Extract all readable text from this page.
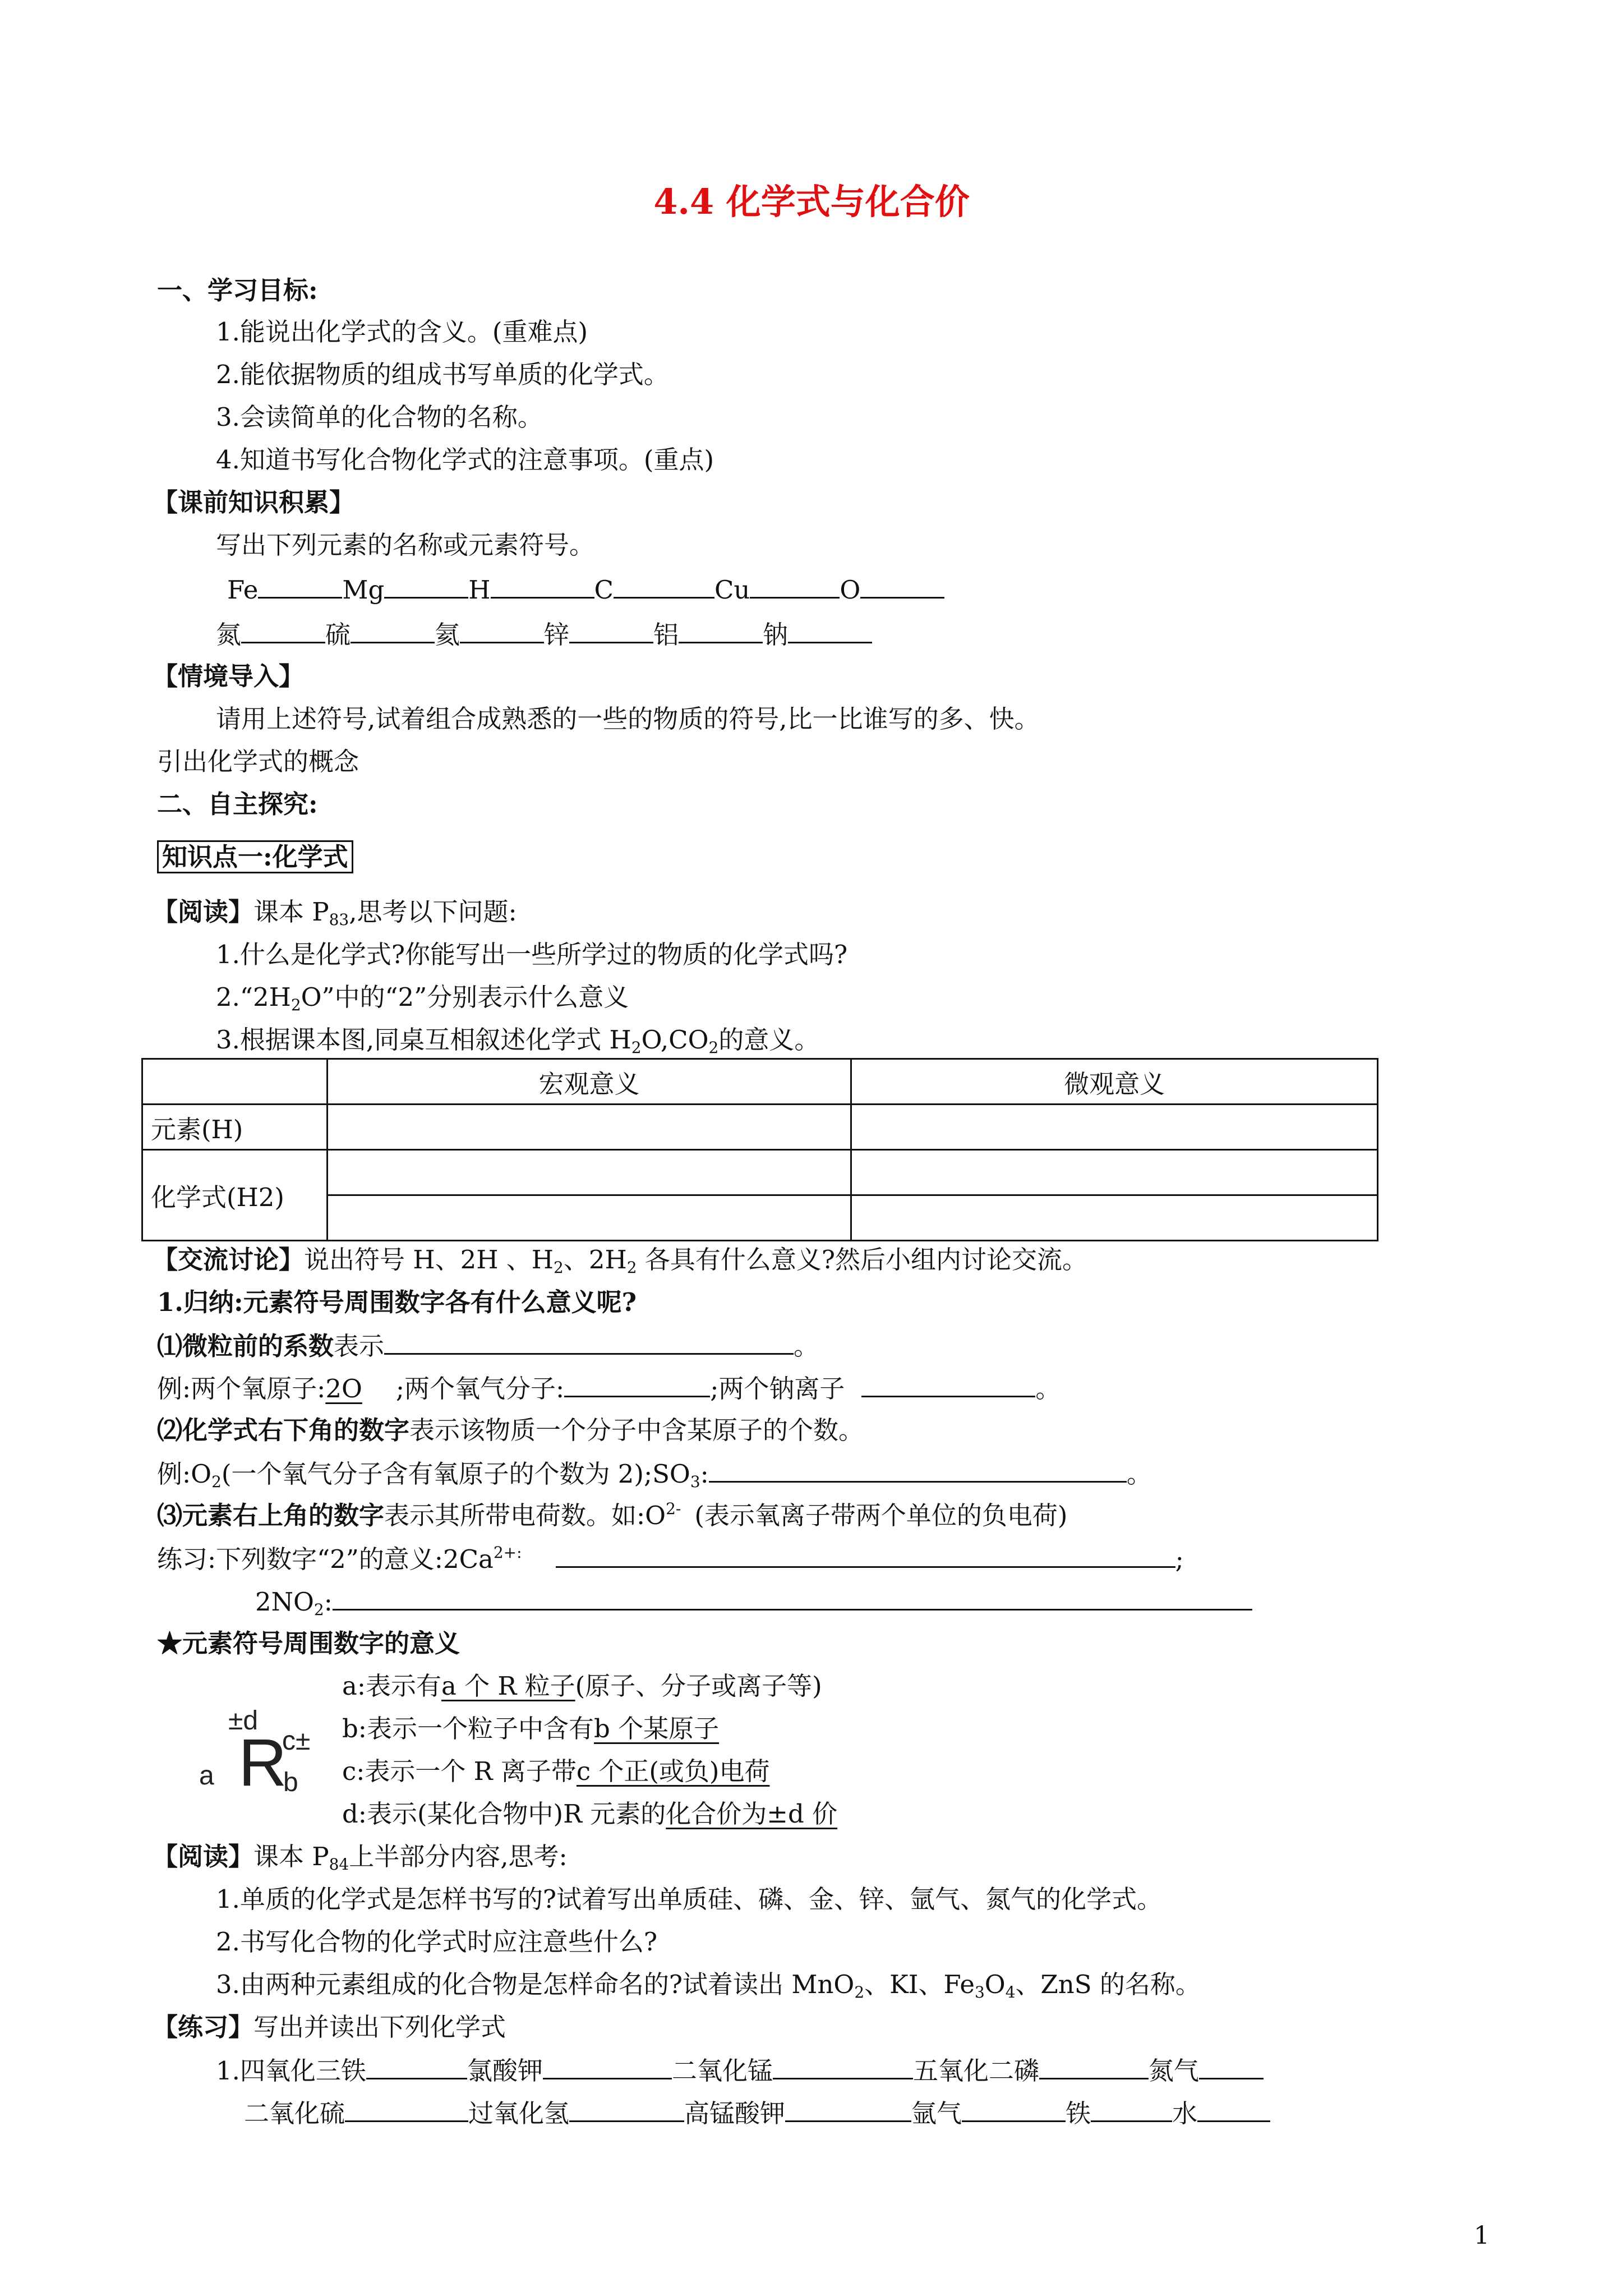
4.4 化学式与化合价
一、学习目标:
1.能说出化学式的含义。(重难点)
2.能依据物质的组成书写单质的化学式。
3.会读简单的化合物的名称。
4.知道书写化合物化学式的注意事项。(重点)
【课前知识积累】
写出下列元素的名称或元素符号。
Fe	Mg	H	C	Cu	O
氮	硫	氦	锌	铝	钠
【情境导入】
请用上述符号,试着组合成熟悉的一些的物质的符号,比一比谁写的多、快。
引出化学式的概念
二、自主探究:
知识点一:化学式
【阅读】课本 $P_{83}$,思考以下问题:
1.什么是化学式?你能写出一些所学过的物质的化学式吗?
$2.“2H_2O$”中的“2”分别表示什么意义
3.根据课本图,同桌互相叙述化学式 $H_2O,CO_2$的意义。
	宏观意义	微观意义
元素(H)		
化学式(H2)		

【交流讨论】说出符号 H、2H 、$H_2$、$2H_2$ 各具有什么意义?然后小组内讨论交流。
1.归纳:元素符号周围数字各有什么意义呢?
⑴微粒前的系数表示	。
例:两个氧原子:2O ;两个氧气分子:	;两个钠离子	。
⑵化学式右下角的数字表示该物质一个分子中含某原子的个数。
例$:O_2$(一个氧气分子含有氧原子的个数为 $2);SO_3$:	。
⑶元素右上角的数字表示其所带电荷数。如$:O^{2-}$ (表示氧离子带两个单位的负电荷)
练习:下列数字“2”的意义$:2Ca^{2+:}$	;
$2NO_2$:
★元素符号周围数字的意义
±d
a R
c±
b
a:表示有a 个 R 粒子(原子、分子或离子等)
b:表示一个粒子中含有b 个某原子
c:表示一个 R 离子带c 个正(或负)电荷
d:表示(某化合物中)R 元素的化合价为±d 价
【阅读】课本 $P_{84}$上半部分内容,思考:
1.单质的化学式是怎样书写的?试着写出单质硅、磷、金、锌、氩气、氮气的化学式。
2.书写化合物的化学式时应注意些什么?
3.由两种元素组成的化合物是怎样命名的?试着读出 MnO$_2$、KI、$Fe_3O_4$、ZnS 的名称。
【练习】写出并读出下列化学式
1.四氧化三铁	氯酸钾	二氧化锰	五氧化二磷	氮气
二氧化硫	过氧化氢	高锰酸钾	氩气	铁	水
1
